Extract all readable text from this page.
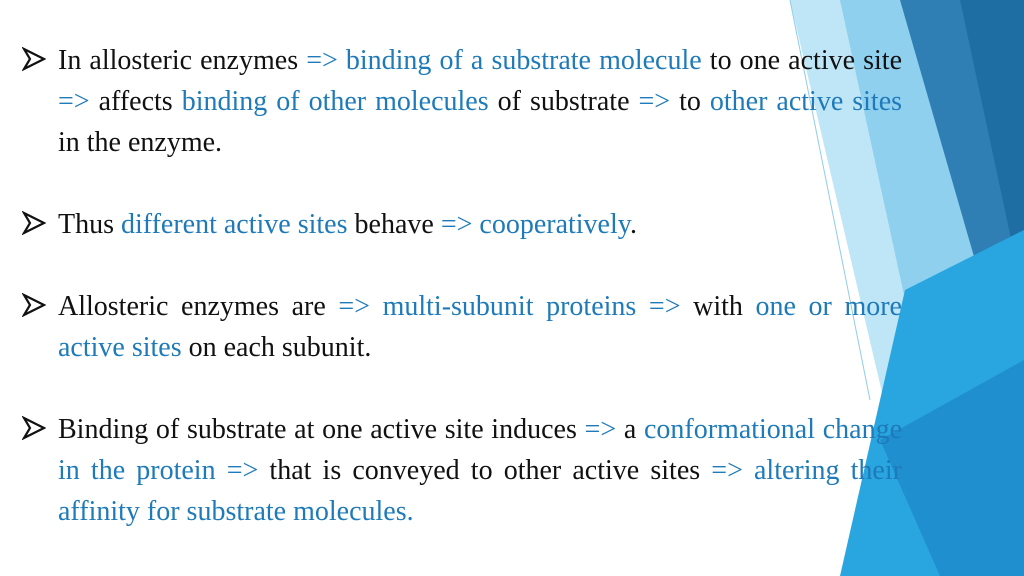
In allosteric enzymes => binding of a substrate molecule to one active site => affects binding of other molecules of substrate => to other active sites in the enzyme.
Thus different active sites behave => cooperatively.
Allosteric enzymes are => multi-subunit proteins => with one or more active sites on each subunit.
Binding of substrate at one active site induces => a conformational change in the protein => that is conveyed to other active sites => altering their affinity for substrate molecules.
